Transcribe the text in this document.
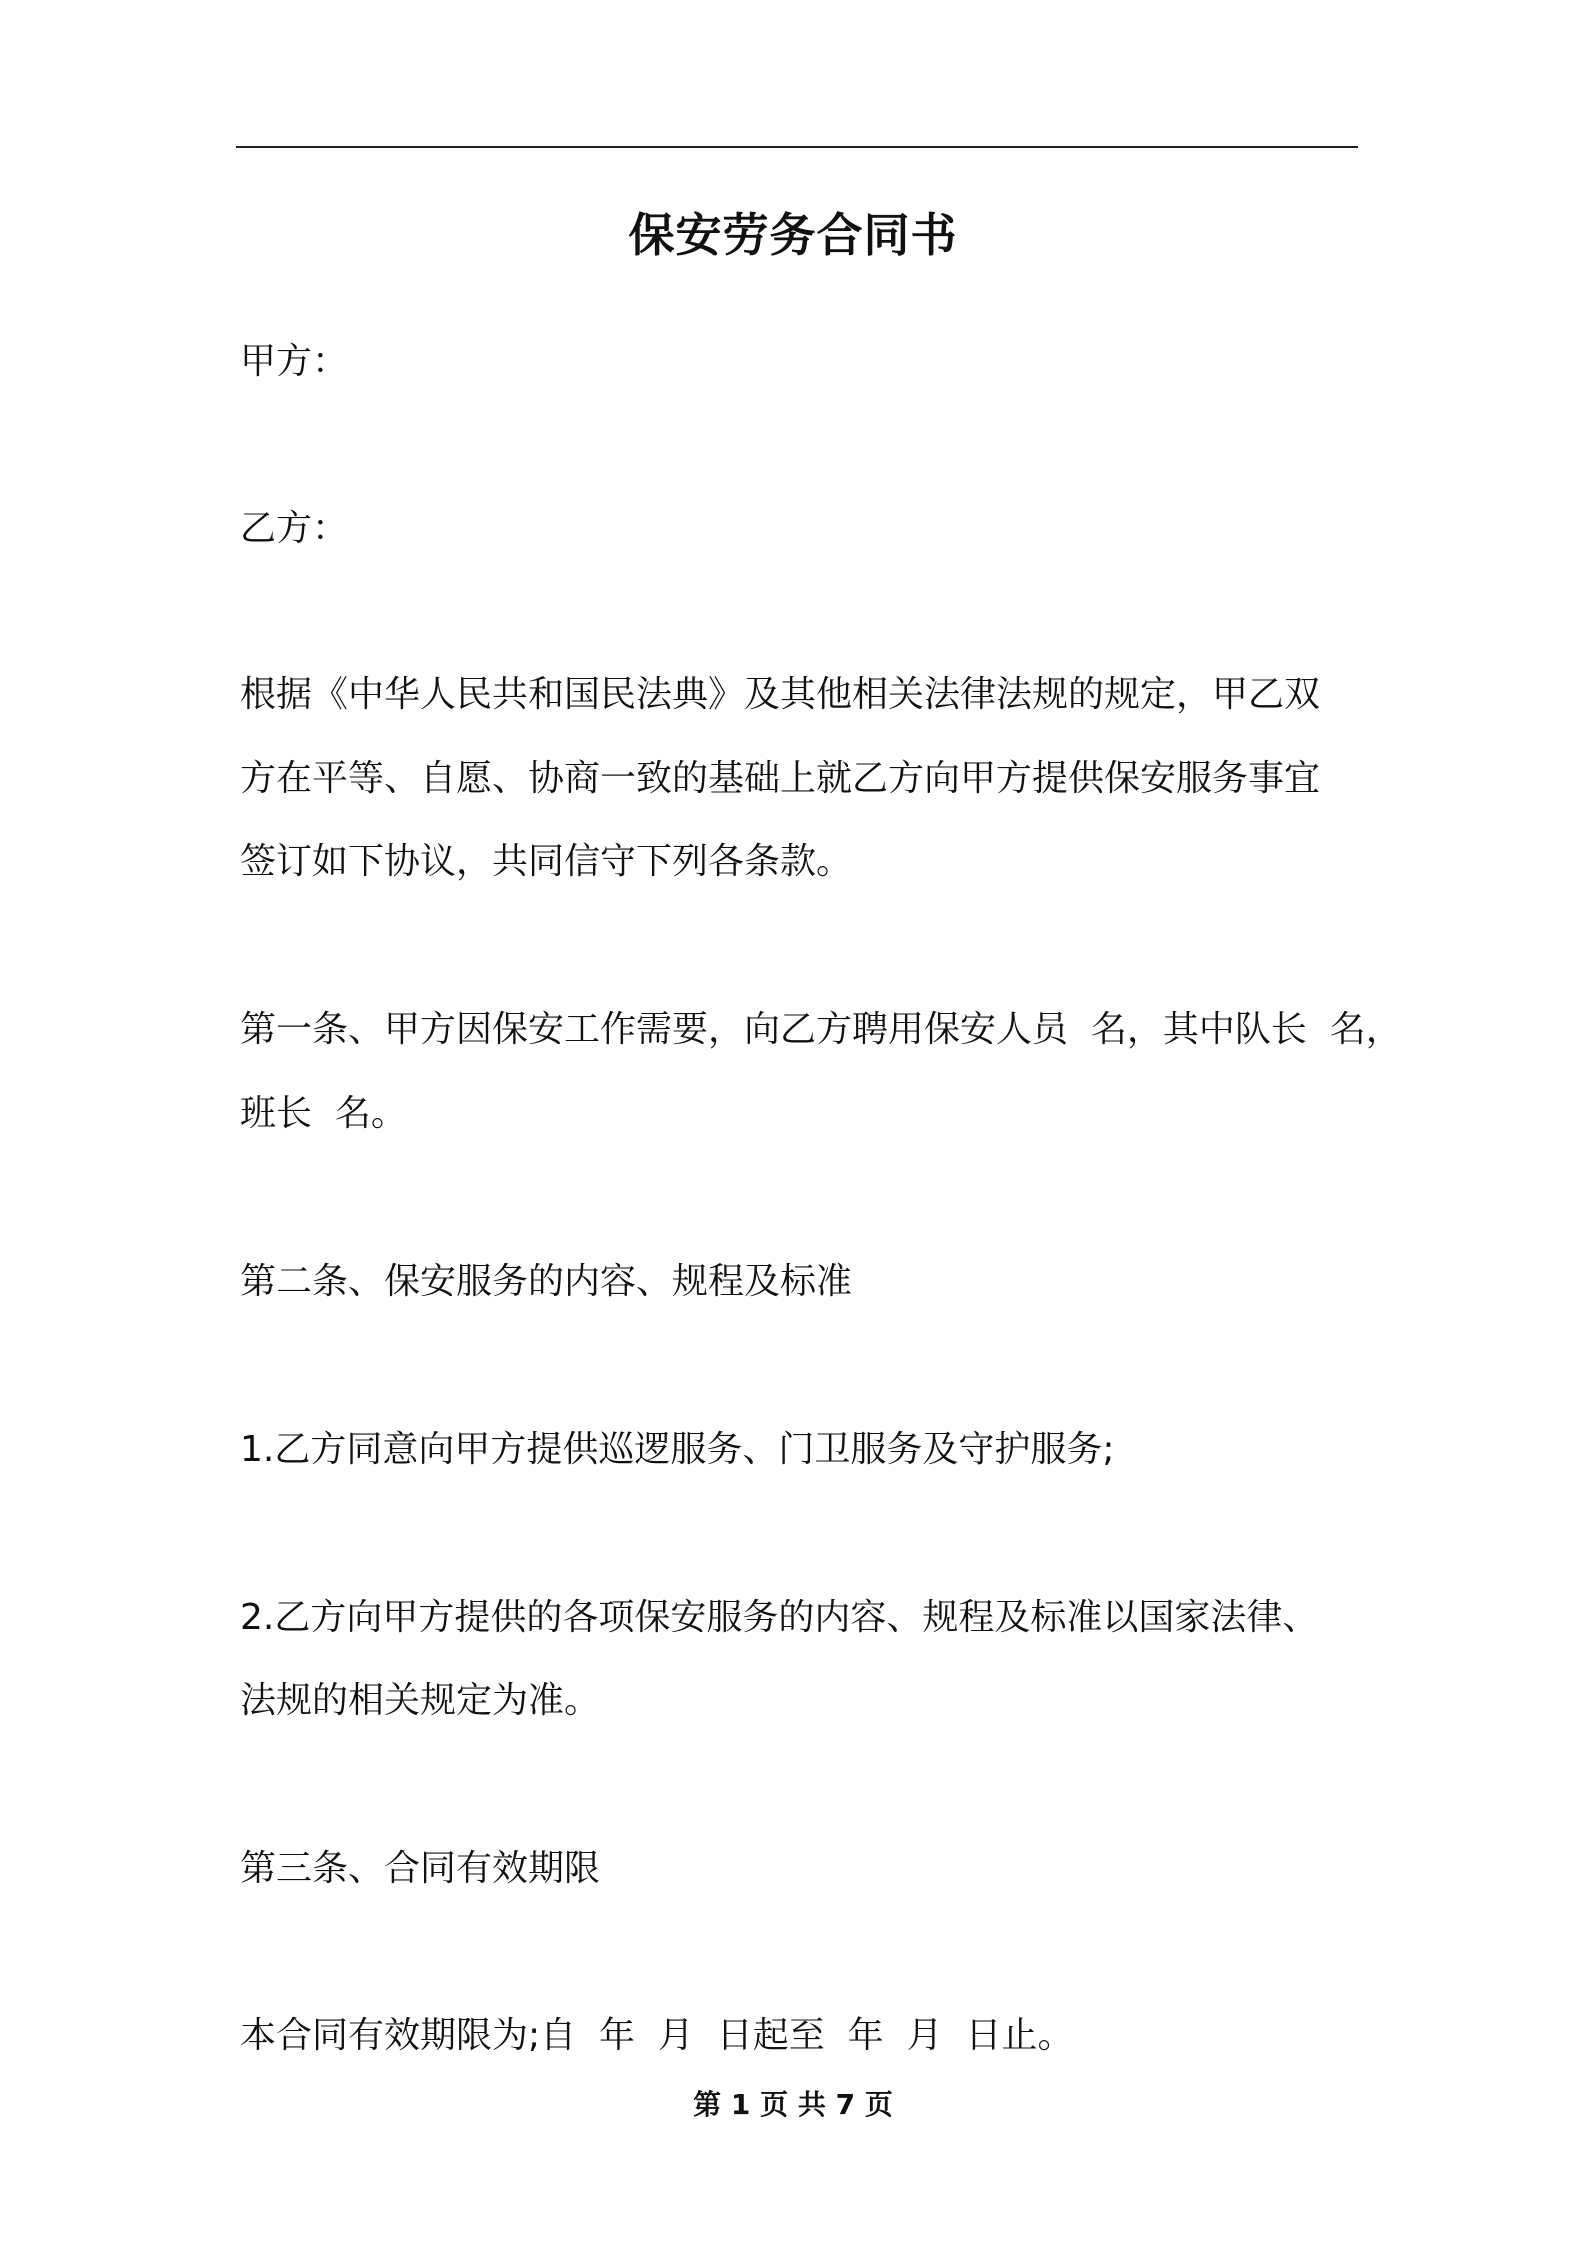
保安劳务合同书
甲方：
乙方：
根据《中华人民共和国民法典》及其他相关法律法规的规定，甲乙双
方在平等、自愿、协商一致的基础上就乙方向甲方提供保安服务事宜
签订如下协议，共同信守下列各条款。
第一条、甲方因保安工作需要，向乙方聘用保安人员  名，其中队长  名，
班长  名。
第二条、保安服务的内容、规程及标准
1.乙方同意向甲方提供巡逻服务、门卫服务及守护服务;
2.乙方向甲方提供的各项保安服务的内容、规程及标准以国家法律、
法规的相关规定为准。
第三条、合同有效期限
本合同有效期限为;自  年  月  日起至  年  月  日止。
第 1 页 共 7 页
